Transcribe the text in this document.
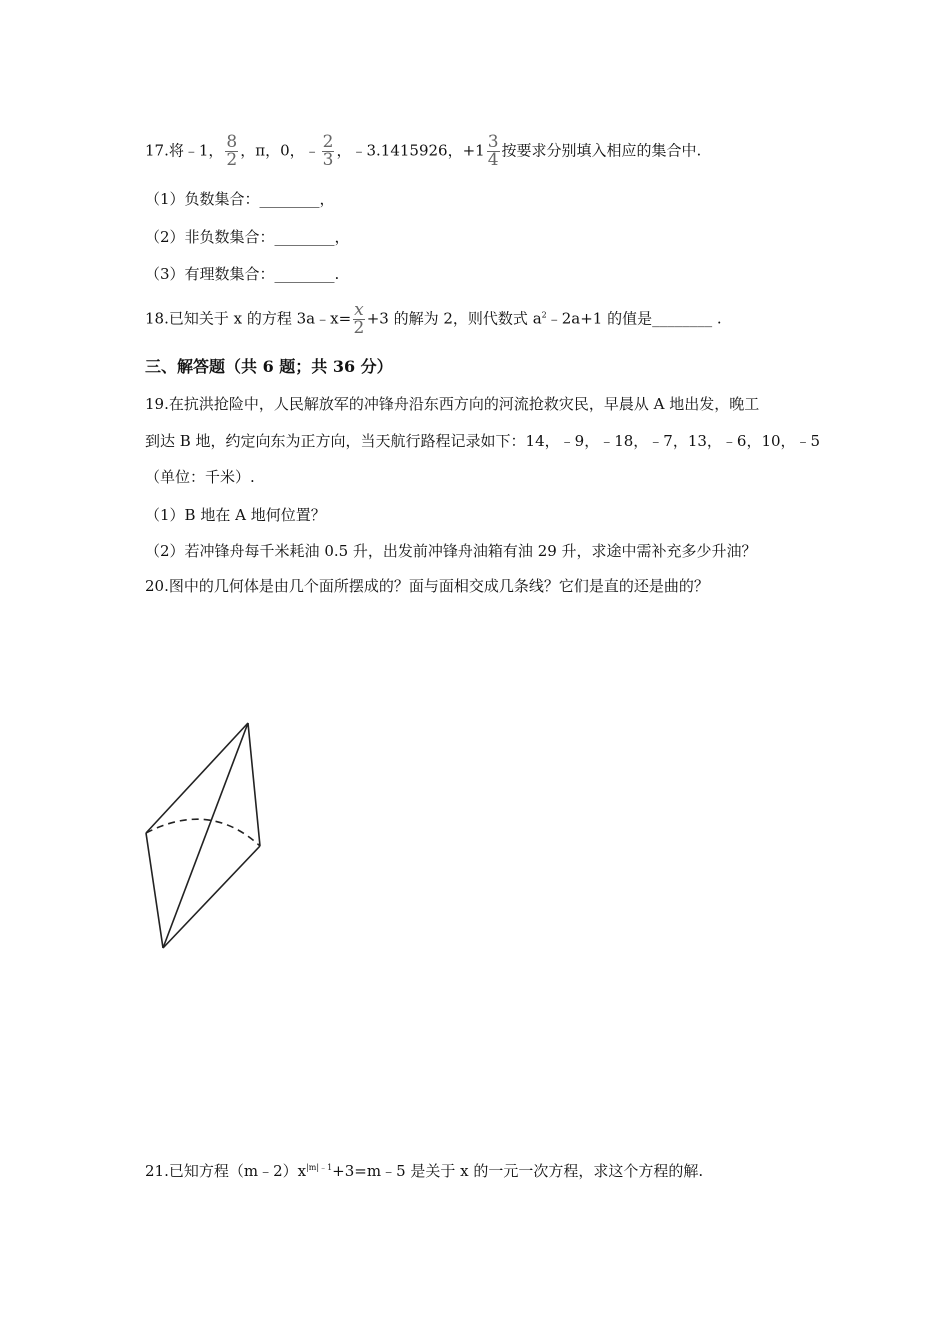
17.将﹣1， $\frac{8}{2}$ ，π，0，﹣ $\frac{2}{3}$ ，﹣3.1415926，$+1 \frac{3}{4}$ 按要求分别填入相应的集合中.
（1）负数集合：________，
（2）非负数集合：________，
（3）有理数集合：________.
18.已知关于 x 的方程 3a﹣x= $\frac{x}{2} +3$ 的解为 2，则代数式 $a^2﹣2a+1$ 的值是________ .
三、解答题（共 6 题；共 36 分）
19.在抗洪抢险中，人民解放军的冲锋舟沿东西方向的河流抢救灾民，早晨从 A 地出发，晚工
到达 B 地，约定向东为正方向，当天航行路程记录如下：14，﹣9，﹣18，﹣7，13，﹣6，10，﹣5
（单位：千米）.
（1）B 地在 A 地何位置？
（2）若冲锋舟每千米耗油 0.5 升，出发前冲锋舟油箱有油 29 升，求途中需补充多少升油？
20.图中的几何体是由几个面所摆成的？面与面相交成几条线？它们是直的还是曲的？
21.已知方程$(m﹣2)x^{|m|﹣1}+3=m﹣5$ 是关于 x 的一元一次方程，求这个方程的解.
